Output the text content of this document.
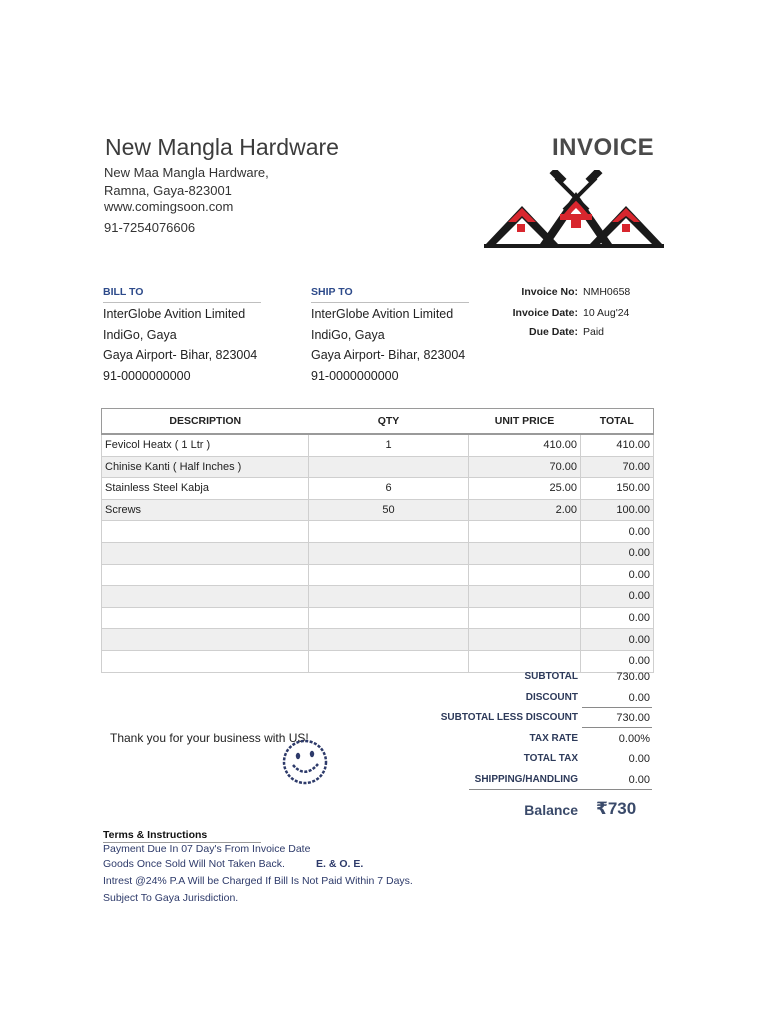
New Mangla Hardware
New Maa Mangla Hardware,
Ramna, Gaya-823001
www.comingsoon.com
91-7254076606
INVOICE
BILL TO
InterGlobe Avition Limited
IndiGo, Gaya
Gaya Airport- Bihar, 823004
91-0000000000
SHIP TO
InterGlobe Avition Limited
IndiGo, Gaya
Gaya Airport- Bihar, 823004
91-0000000000
Invoice No: NMH0658
Invoice Date: 10 Aug'24
Due Date: Paid
DESCRIPTION	QTY	UNIT PRICE	TOTAL
Fevicol Heatx ( 1 Ltr )	1	410.00	410.00
Chinise Kanti ( Half Inches )		70.00	70.00
Stainless Steel Kabja	6	25.00	150.00
Screws	50	2.00	100.00
			0.00
			0.00
			0.00
			0.00
			0.00
			0.00
			0.00
SUBTOTAL	730.00
DISCOUNT	0.00
SUBTOTAL LESS DISCOUNT	730.00
TAX RATE	0.00%
TOTAL TAX	0.00
SHIPPING/HANDLING	0.00
Balance ₹730
Thank you for your business with US!
Terms & Instructions
Payment Due In 07 Day's From Invoice Date
Goods Once Sold Will Not Taken Back.	E. & O. E.
Intrest @24% P.A Will be Charged If Bill Is Not Paid Within 7 Days.
Subject To Gaya Jurisdiction.
